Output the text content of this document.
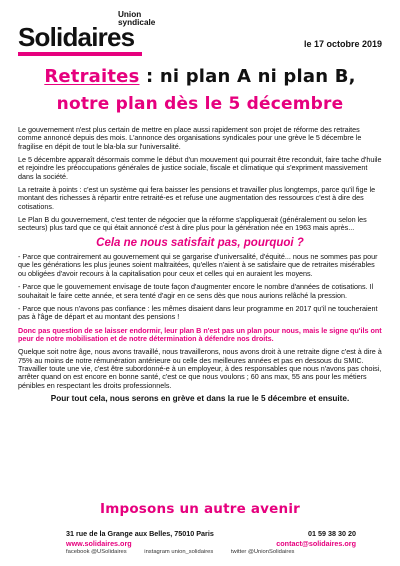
Union
syndicale
Solidaires	le 17 octobre 2019
Retraites : ni plan A ni plan B,
notre plan dès le 5 décembre

Le gouvernement n'est plus certain de mettre en place aussi rapidement son projet de réforme des retraites comme annoncé depuis des mois. L'annonce des organisations syndicales pour une grève le 5 décembre le fragilise en dépit de tout le bla-bla sur l'universalité.

Le 5 décembre apparaît désormais comme le début d'un mouvement qui pourrait être reconduit, faire tache d'huile et rejoindre les préoccupations générales de justice sociale, fiscale et climatique qui s'expriment massivement dans la société.

La retraite à points : c'est un système qui fera baisser les pensions et travailler plus longtemps, parce qu'il fige le montant des richesses à répartir entre retraité-es et refuse une augmentation des ressources c'est à dire des cotisations.

Le Plan B du gouvernement, c'est tenter de négocier que la réforme s'appliquerait (généralement ou selon les secteurs) plus tard que ce qui était annoncé c'est à dire plus pour la génération née en 1963 mais après...

Cela ne nous satisfait pas, pourquoi ?

- Parce que contrairement au gouvernement qui se gargarise d'universalité, d'équité... nous ne sommes pas pour que les générations les plus jeunes soient maltraitées, qu'elles n'aient à se satisfaire que de retraites misérables ou obligées d'avoir recours à la capitalisation pour ceux et celles qui en auraient les moyens.

- Parce que le gouvernement envisage de toute façon d'augmenter encore le nombre d'années de cotisations. Il souhaitait le faire cette année, et sera tenté d'agir en ce sens dès que nous aurions relâché la pression.

- Parce que nous n'avons pas confiance : les mêmes disaient dans leur programme en 2017 qu'il ne toucheraient pas à l'âge de départ et au montant des pensions !

Donc pas question de se laisser endormir, leur plan B n'est pas un plan pour nous, mais le signe qu'ils ont peur de notre mobilisation et de notre détermination à défendre nos droits.

Quelque soit notre âge, nous avons travaillé, nous travaillerons, nous avons droit à une retraite digne c'est à dire à 75% au moins de notre rémunération antérieure ou celle des meilleures années et pas en dessous du SMIC. Travailler toute une vie, c'est être subordonné-e à un employeur, à des responsables que nous n'avons pas choisi, arrêter quand on est encore en bonne santé, c'est ce que nous voulons ; 60 ans max, 55 ans pour les métiers pénibles en respectant les droits professionnels.

Pour tout cela, nous serons en grève et dans la rue le 5 décembre et ensuite.

Imposons un autre avenir
31 rue de la Grange aux Belles, 75010 Paris	01 59 38 30 20
www.solidaires.org	contact@solidaires.org
facebook @USolidaires	instagram union_solidaires	twitter @UnionSolidaires
